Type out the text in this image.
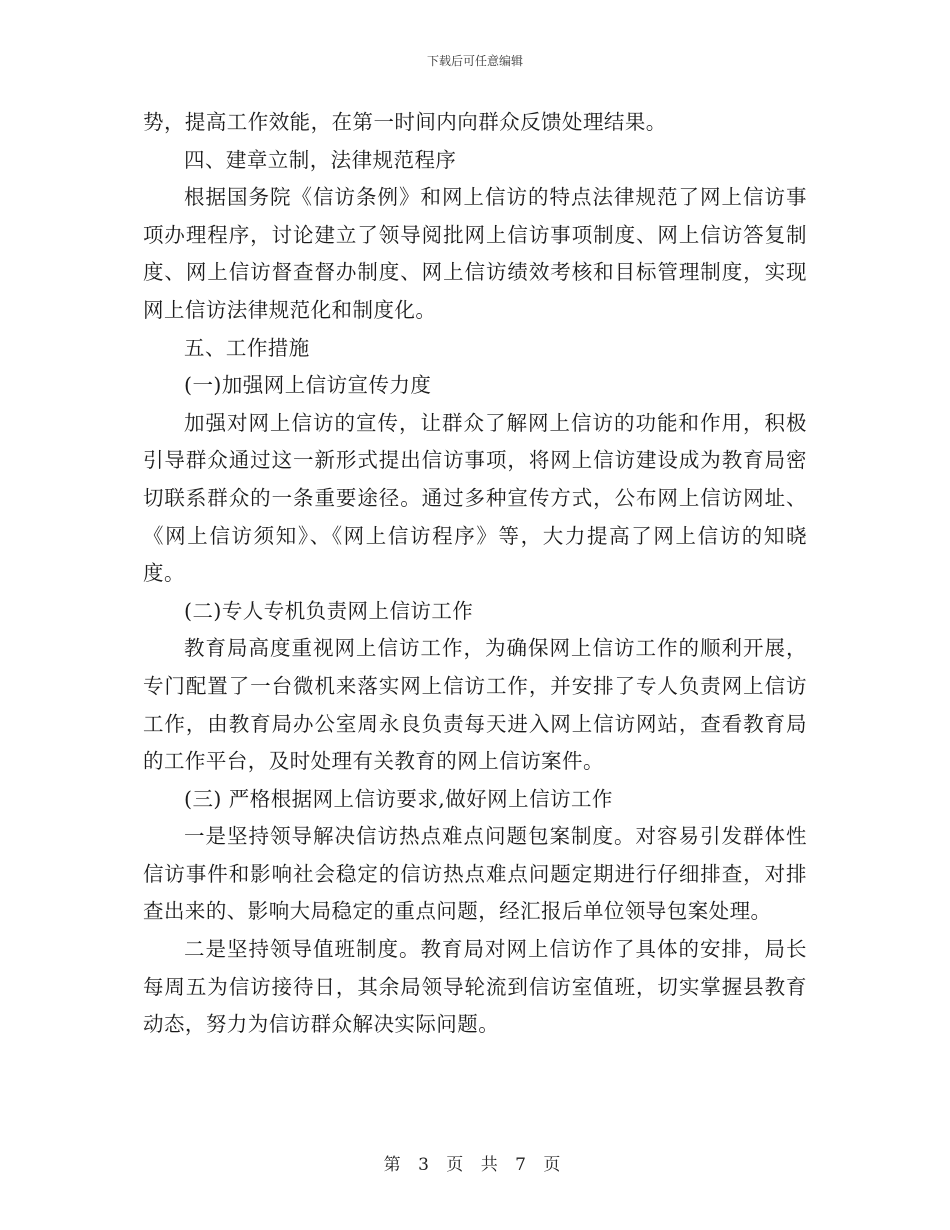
下载后可任意编辑

势，提高工作效能，在第一时间内向群众反馈处理结果。

四、建章立制，法律规范程序

根据国务院《信访条例》和网上信访的特点法律规范了网上信访事项办理程序，讨论建立了领导阅批网上信访事项制度、网上信访答复制度、网上信访督查督办制度、网上信访绩效考核和目标管理制度，实现网上信访法律规范化和制度化。

五、工作措施

(一)加强网上信访宣传力度

加强对网上信访的宣传，让群众了解网上信访的功能和作用，积极引导群众通过这一新形式提出信访事项，将网上信访建设成为教育局密切联系群众的一条重要途径。通过多种宣传方式，公布网上信访网址、《网上信访须知》、《网上信访程序》等，大力提高了网上信访的知晓度。

(二)专人专机负责网上信访工作

教育局高度重视网上信访工作，为确保网上信访工作的顺利开展，专门配置了一台微机来落实网上信访工作，并安排了专人负责网上信访工作，由教育局办公室周永良负责每天进入网上信访网站，查看教育局的工作平台，及时处理有关教育的网上信访案件。

(三) 严格根据网上信访要求,做好网上信访工作

一是坚持领导解决信访热点难点问题包案制度。对容易引发群体性信访事件和影响社会稳定的信访热点难点问题定期进行仔细排查，对排查出来的、影响大局稳定的重点问题，经汇报后单位领导包案处理。

二是坚持领导值班制度。教育局对网上信访作了具体的安排，局长每周五为信访接待日，其余局领导轮流到信访室值班，切实掌握县教育动态，努力为信访群众解决实际问题。

第 3 页 共 7 页
